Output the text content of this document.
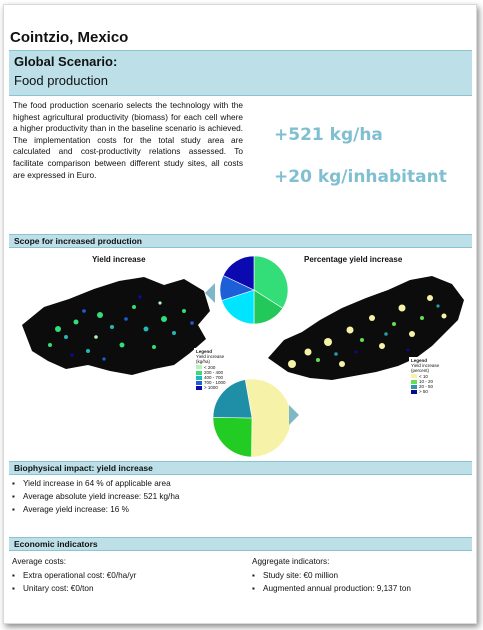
Cointzio, Mexico
Global Scenario:
Food production
The food production scenario selects the technology with the highest agricultural productivity (biomass) for each cell where a higher productivity than in the baseline scenario is achieved. The implementation costs for the total study area are calculated and cost-productivity relations assessed. To facilitate comparison between different study sites, all costs are expressed in Euro.
+521 kg/ha
+20 kg/inhabitant
Scope for increased production
Yield increase
Legend
Yield increase (kg/ha)
< 200
200 - 400
400 - 700
700 - 1000
> 1000
Percentage yield increase
Legend
Yield increase (percent)
< 10
10 - 20
20 - 50
> 50
Biophysical impact: yield increase
▪ Yield increase in 64 % of applicable area
▪ Average absolute yield increase: 521 kg/ha
▪ Average yield increase: 16 %
Economic indicators
Average costs:
▪ Extra operational cost: €0/ha/yr
▪ Unitary cost: €0/ton
Aggregate indicators:
▪ Study site: €0 million
▪ Augmented annual production: 9,137 ton
